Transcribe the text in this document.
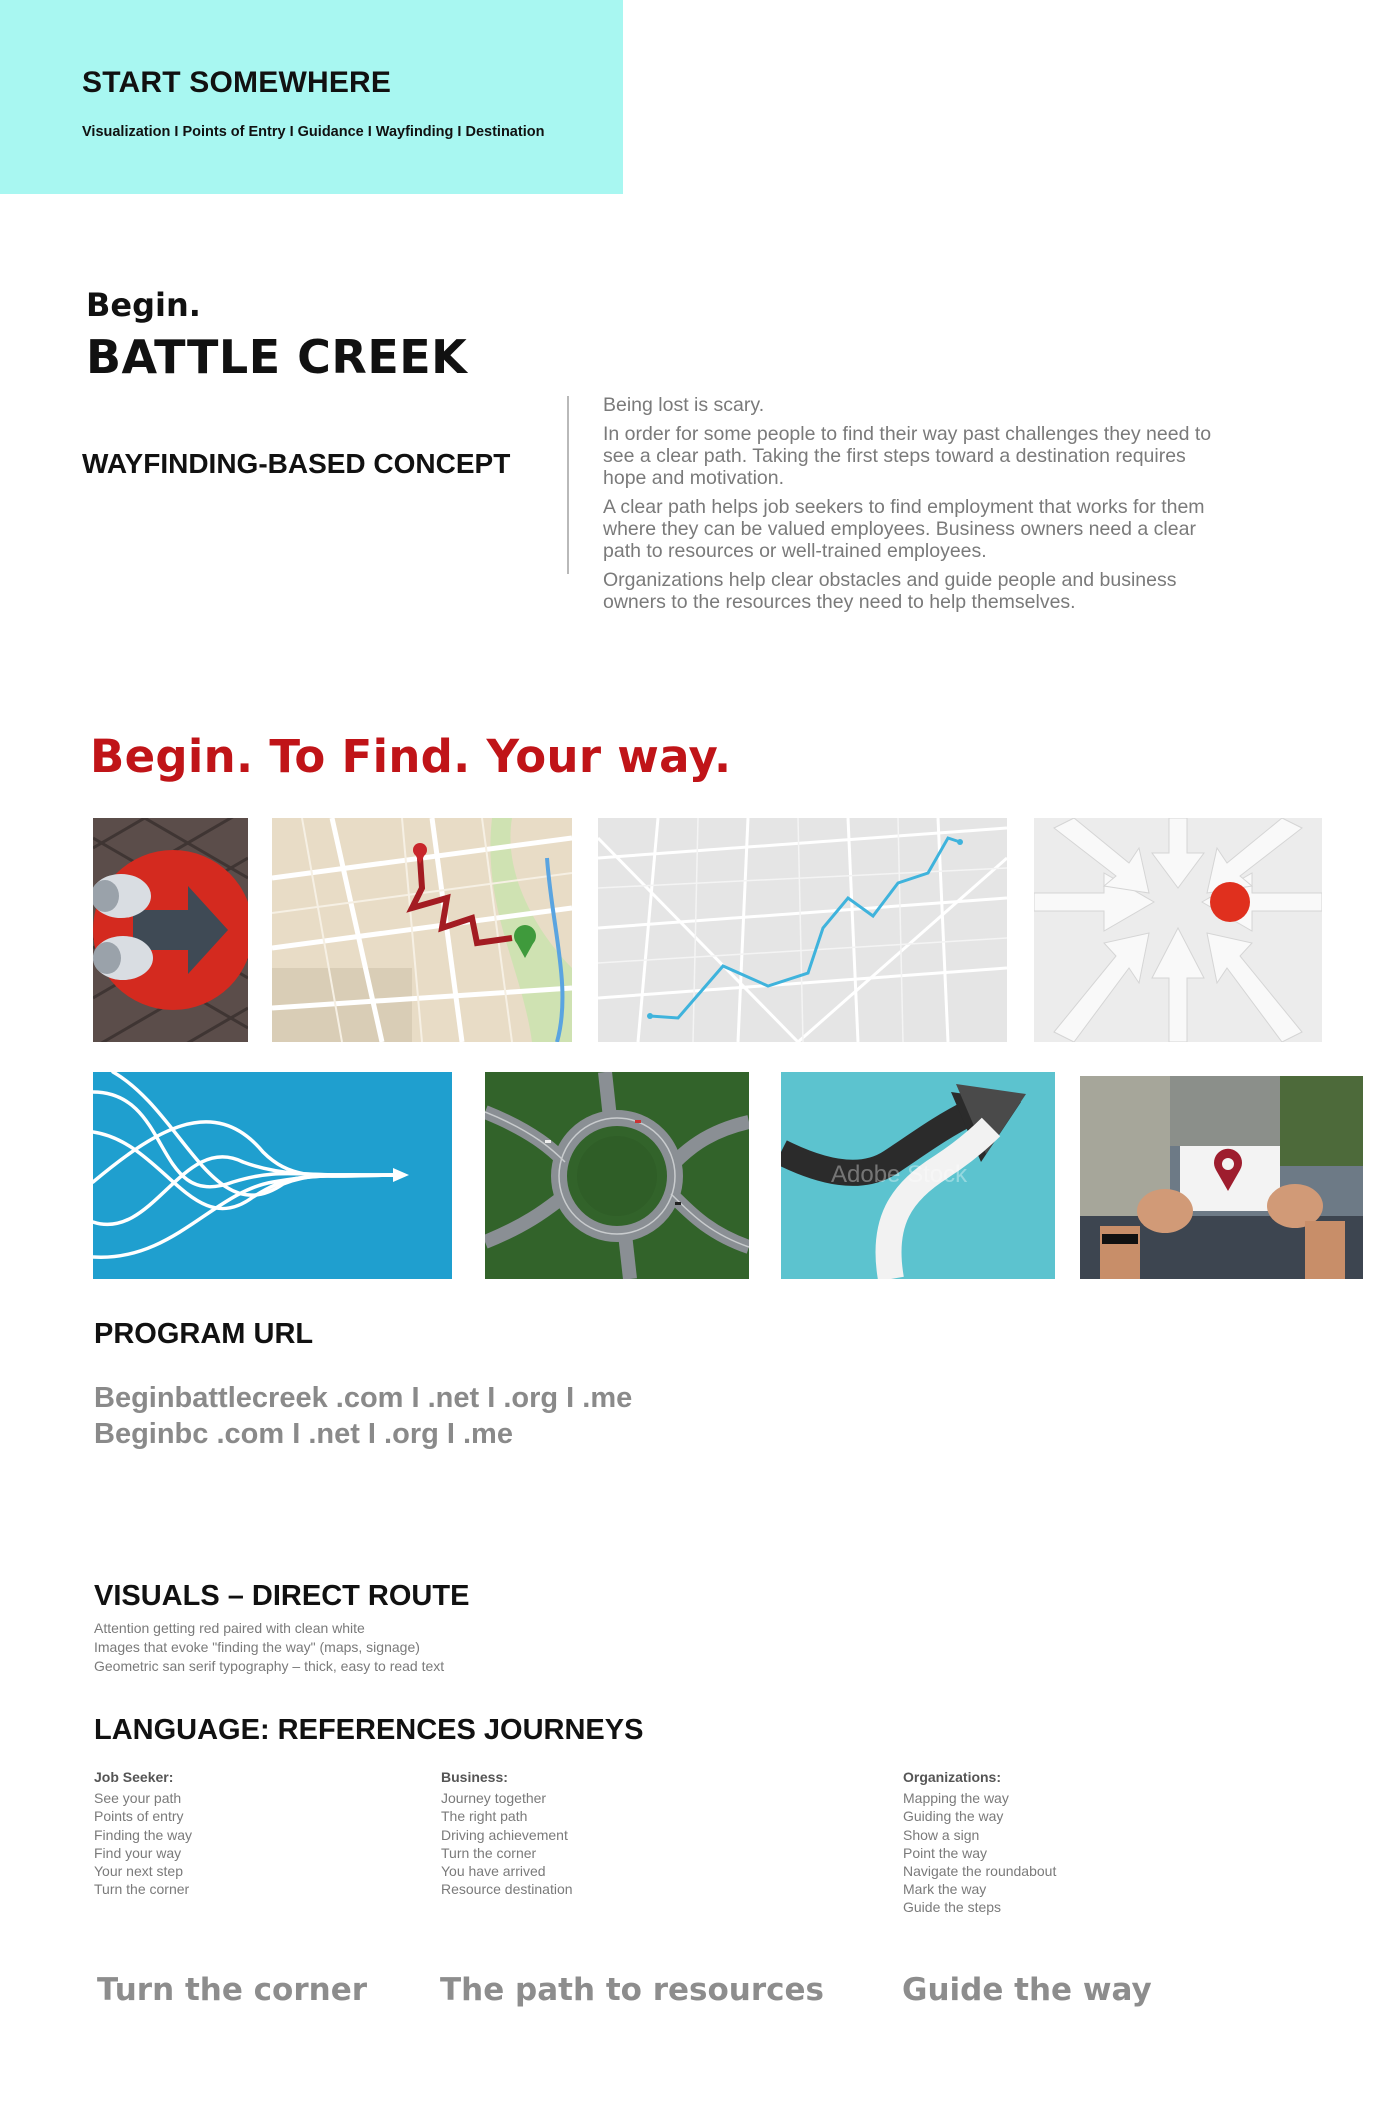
START SOMEWHERE
Visualization I Points of Entry I Guidance I Wayfinding I Destination
Begin.
BATTLE CREEK
WAYFINDING-BASED CONCEPT

Being lost is scary.

In order for some people to find their way past challenges they need to see a clear path. Taking the first steps toward a destination requires hope and motivation.

A clear path helps job seekers to find employment that works for them where they can be valued employees. Business owners need a clear path to resources or well-trained employees.

Organizations help clear obstacles and guide people and business owners to the resources they need to help themselves.

Begin. To Find. Your way.
Adobe Stock
PROGRAM URL
Beginbattlecreek .com I .net I .org I .me
Beginbc .com I .net I .org I .me
VISUALS – DIRECT ROUTE
Attention getting red paired with clean white
Images that evoke "finding the way" (maps, signage)
Geometric san serif typography – thick, easy to read text
LANGUAGE: REFERENCES JOURNEYS
Job Seeker:
See your path
Points of entry
Finding the way
Find your way
Your next step
Turn the corner
Business:
Journey together
The right path
Driving achievement
Turn the corner
You have arrived
Resource destination
Organizations:
Mapping the way
Guiding the way
Show a sign
Point the way
Navigate the roundabout
Mark the way
Guide the steps
Turn the corner The path to resources	Guide the way
